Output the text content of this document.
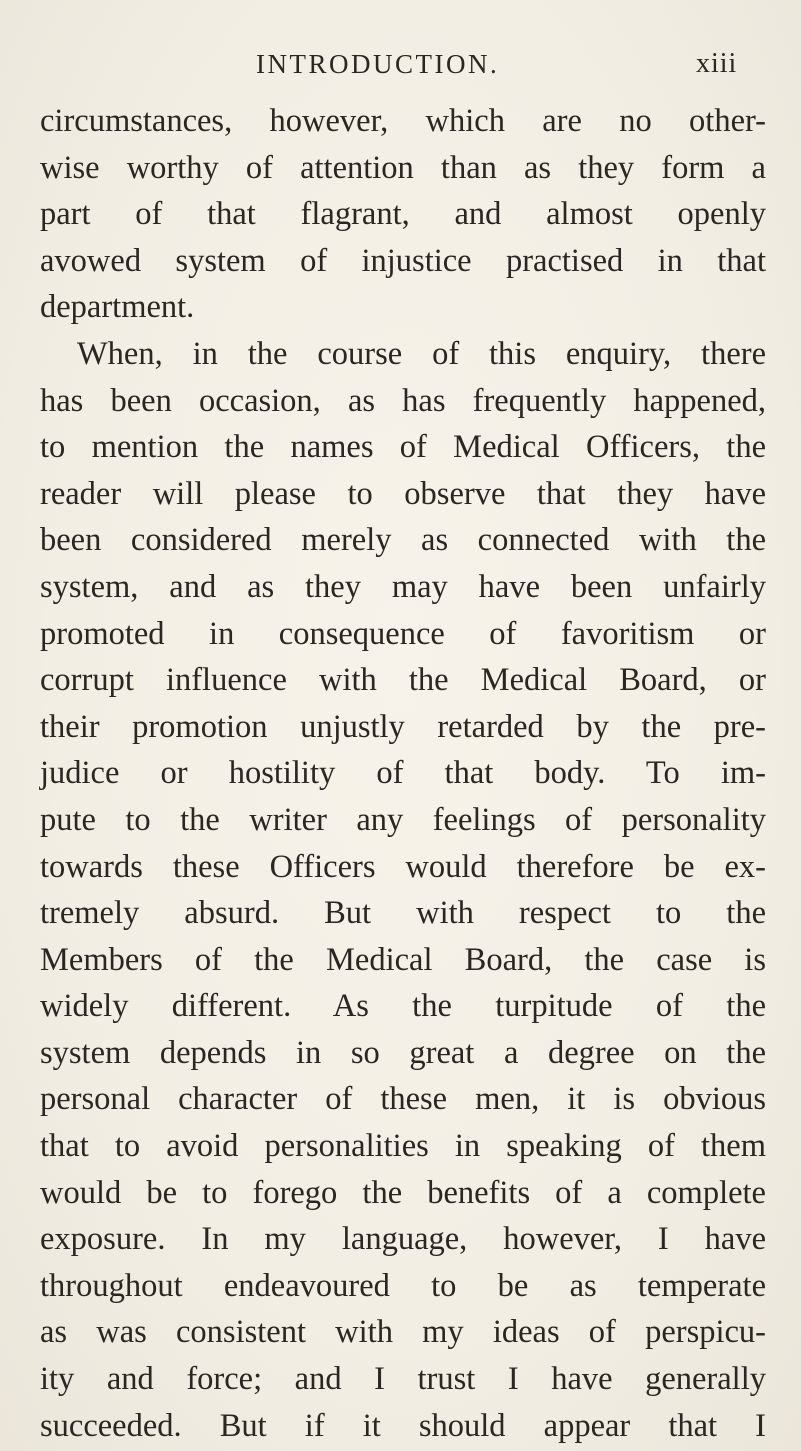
INTRODUCTION.	xiii
circumstances, however, which are no other-
wise worthy of attention than as they form a
part of that flagrant, and almost openly
avowed system of injustice practised in that
department.
When, in the course of this enquiry, there
has been occasion, as has frequently happened,
to mention the names of Medical Officers, the
reader will please to observe that they have
been considered merely as connected with the
system, and as they may have been unfairly
promoted in consequence of favoritism or
corrupt influence with the Medical Board, or
their promotion unjustly retarded by the pre-
judice or hostility of that body. To im-
pute to the writer any feelings of personality
towards these Officers would therefore be ex-
tremely absurd. But with respect to the
Members of the Medical Board, the case is
widely different. As the turpitude of the
system depends in so great a degree on the
personal character of these men, it is obvious
that to avoid personalities in speaking of them
would be to forego the benefits of a complete
exposure. In my language, however, I have
throughout endeavoured to be as temperate
as was consistent with my ideas of perspicu-
ity and force; and I trust I have generally
succeeded. But if it should appear that I
